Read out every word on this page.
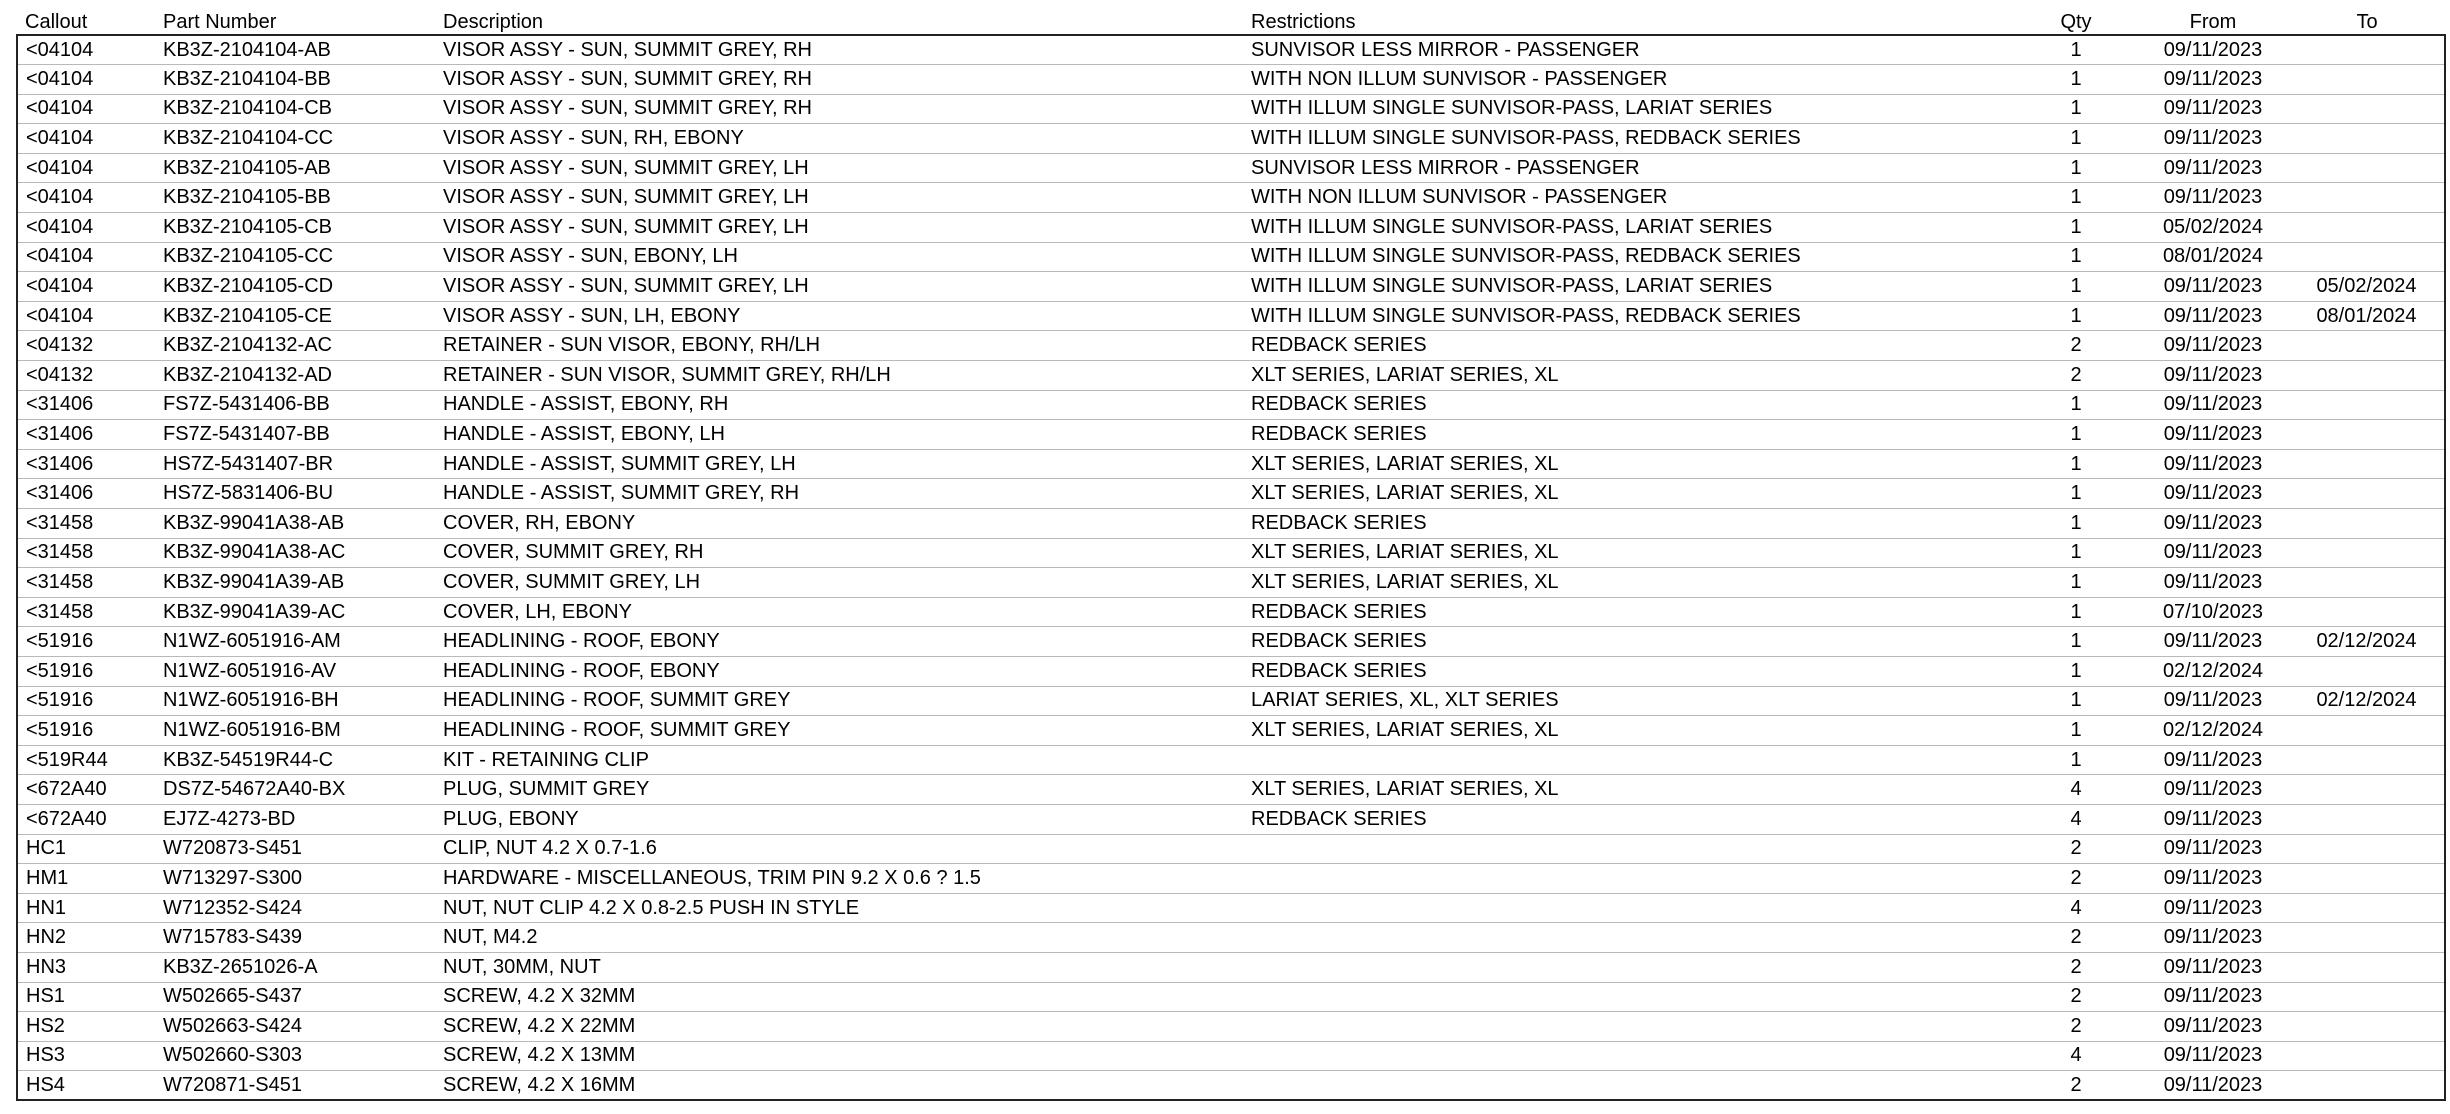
Callout	Part Number	Description	Restrictions	Qty	From	To
<04104	KB3Z-2104104-AB	VISOR ASSY - SUN, SUMMIT GREY, RH	SUNVISOR LESS MIRROR - PASSENGER	1	09/11/2023	
<04104	KB3Z-2104104-BB	VISOR ASSY - SUN, SUMMIT GREY, RH	WITH NON ILLUM SUNVISOR - PASSENGER	1	09/11/2023	
<04104	KB3Z-2104104-CB	VISOR ASSY - SUN, SUMMIT GREY, RH	WITH ILLUM SINGLE SUNVISOR-PASS, LARIAT SERIES	1	09/11/2023	
<04104	KB3Z-2104104-CC	VISOR ASSY - SUN, RH, EBONY	WITH ILLUM SINGLE SUNVISOR-PASS, REDBACK SERIES	1	09/11/2023	
<04104	KB3Z-2104105-AB	VISOR ASSY - SUN, SUMMIT GREY, LH	SUNVISOR LESS MIRROR - PASSENGER	1	09/11/2023	
<04104	KB3Z-2104105-BB	VISOR ASSY - SUN, SUMMIT GREY, LH	WITH NON ILLUM SUNVISOR - PASSENGER	1	09/11/2023	
<04104	KB3Z-2104105-CB	VISOR ASSY - SUN, SUMMIT GREY, LH	WITH ILLUM SINGLE SUNVISOR-PASS, LARIAT SERIES	1	05/02/2024	
<04104	KB3Z-2104105-CC	VISOR ASSY - SUN, EBONY, LH	WITH ILLUM SINGLE SUNVISOR-PASS, REDBACK SERIES	1	08/01/2024	
<04104	KB3Z-2104105-CD	VISOR ASSY - SUN, SUMMIT GREY, LH	WITH ILLUM SINGLE SUNVISOR-PASS, LARIAT SERIES	1	09/11/2023	05/02/2024
<04104	KB3Z-2104105-CE	VISOR ASSY - SUN, LH, EBONY	WITH ILLUM SINGLE SUNVISOR-PASS, REDBACK SERIES	1	09/11/2023	08/01/2024
<04132	KB3Z-2104132-AC	RETAINER - SUN VISOR, EBONY, RH/LH	REDBACK SERIES	2	09/11/2023	
<04132	KB3Z-2104132-AD	RETAINER - SUN VISOR, SUMMIT GREY, RH/LH	XLT SERIES, LARIAT SERIES, XL	2	09/11/2023	
<31406	FS7Z-5431406-BB	HANDLE - ASSIST, EBONY, RH	REDBACK SERIES	1	09/11/2023	
<31406	FS7Z-5431407-BB	HANDLE - ASSIST, EBONY, LH	REDBACK SERIES	1	09/11/2023	
<31406	HS7Z-5431407-BR	HANDLE - ASSIST, SUMMIT GREY, LH	XLT SERIES, LARIAT SERIES, XL	1	09/11/2023	
<31406	HS7Z-5831406-BU	HANDLE - ASSIST, SUMMIT GREY, RH	XLT SERIES, LARIAT SERIES, XL	1	09/11/2023	
<31458	KB3Z-99041A38-AB	COVER, RH, EBONY	REDBACK SERIES	1	09/11/2023	
<31458	KB3Z-99041A38-AC	COVER, SUMMIT GREY, RH	XLT SERIES, LARIAT SERIES, XL	1	09/11/2023	
<31458	KB3Z-99041A39-AB	COVER, SUMMIT GREY, LH	XLT SERIES, LARIAT SERIES, XL	1	09/11/2023	
<31458	KB3Z-99041A39-AC	COVER, LH, EBONY	REDBACK SERIES	1	07/10/2023	
<51916	N1WZ-6051916-AM	HEADLINING - ROOF, EBONY	REDBACK SERIES	1	09/11/2023	02/12/2024
<51916	N1WZ-6051916-AV	HEADLINING - ROOF, EBONY	REDBACK SERIES	1	02/12/2024	
<51916	N1WZ-6051916-BH	HEADLINING - ROOF, SUMMIT GREY	LARIAT SERIES, XL, XLT SERIES	1	09/11/2023	02/12/2024
<51916	N1WZ-6051916-BM	HEADLINING - ROOF, SUMMIT GREY	XLT SERIES, LARIAT SERIES, XL	1	02/12/2024	
<519R44	KB3Z-54519R44-C	KIT - RETAINING CLIP		1	09/11/2023	
<672A40	DS7Z-54672A40-BX	PLUG, SUMMIT GREY	XLT SERIES, LARIAT SERIES, XL	4	09/11/2023	
<672A40	EJ7Z-4273-BD	PLUG, EBONY	REDBACK SERIES	4	09/11/2023	
HC1	W720873-S451	CLIP, NUT 4.2 X 0.7-1.6		2	09/11/2023	
HM1	W713297-S300	HARDWARE - MISCELLANEOUS, TRIM PIN 9.2 X 0.6 ? 1.5		2	09/11/2023	
HN1	W712352-S424	NUT, NUT CLIP 4.2 X 0.8-2.5 PUSH IN STYLE		4	09/11/2023	
HN2	W715783-S439	NUT, M4.2		2	09/11/2023	
HN3	KB3Z-2651026-A	NUT, 30MM, NUT		2	09/11/2023	
HS1	W502665-S437	SCREW, 4.2 X 32MM		2	09/11/2023	
HS2	W502663-S424	SCREW, 4.2 X 22MM		2	09/11/2023	
HS3	W502660-S303	SCREW, 4.2 X 13MM		4	09/11/2023	
HS4	W720871-S451	SCREW, 4.2 X 16MM		2	09/11/2023	
